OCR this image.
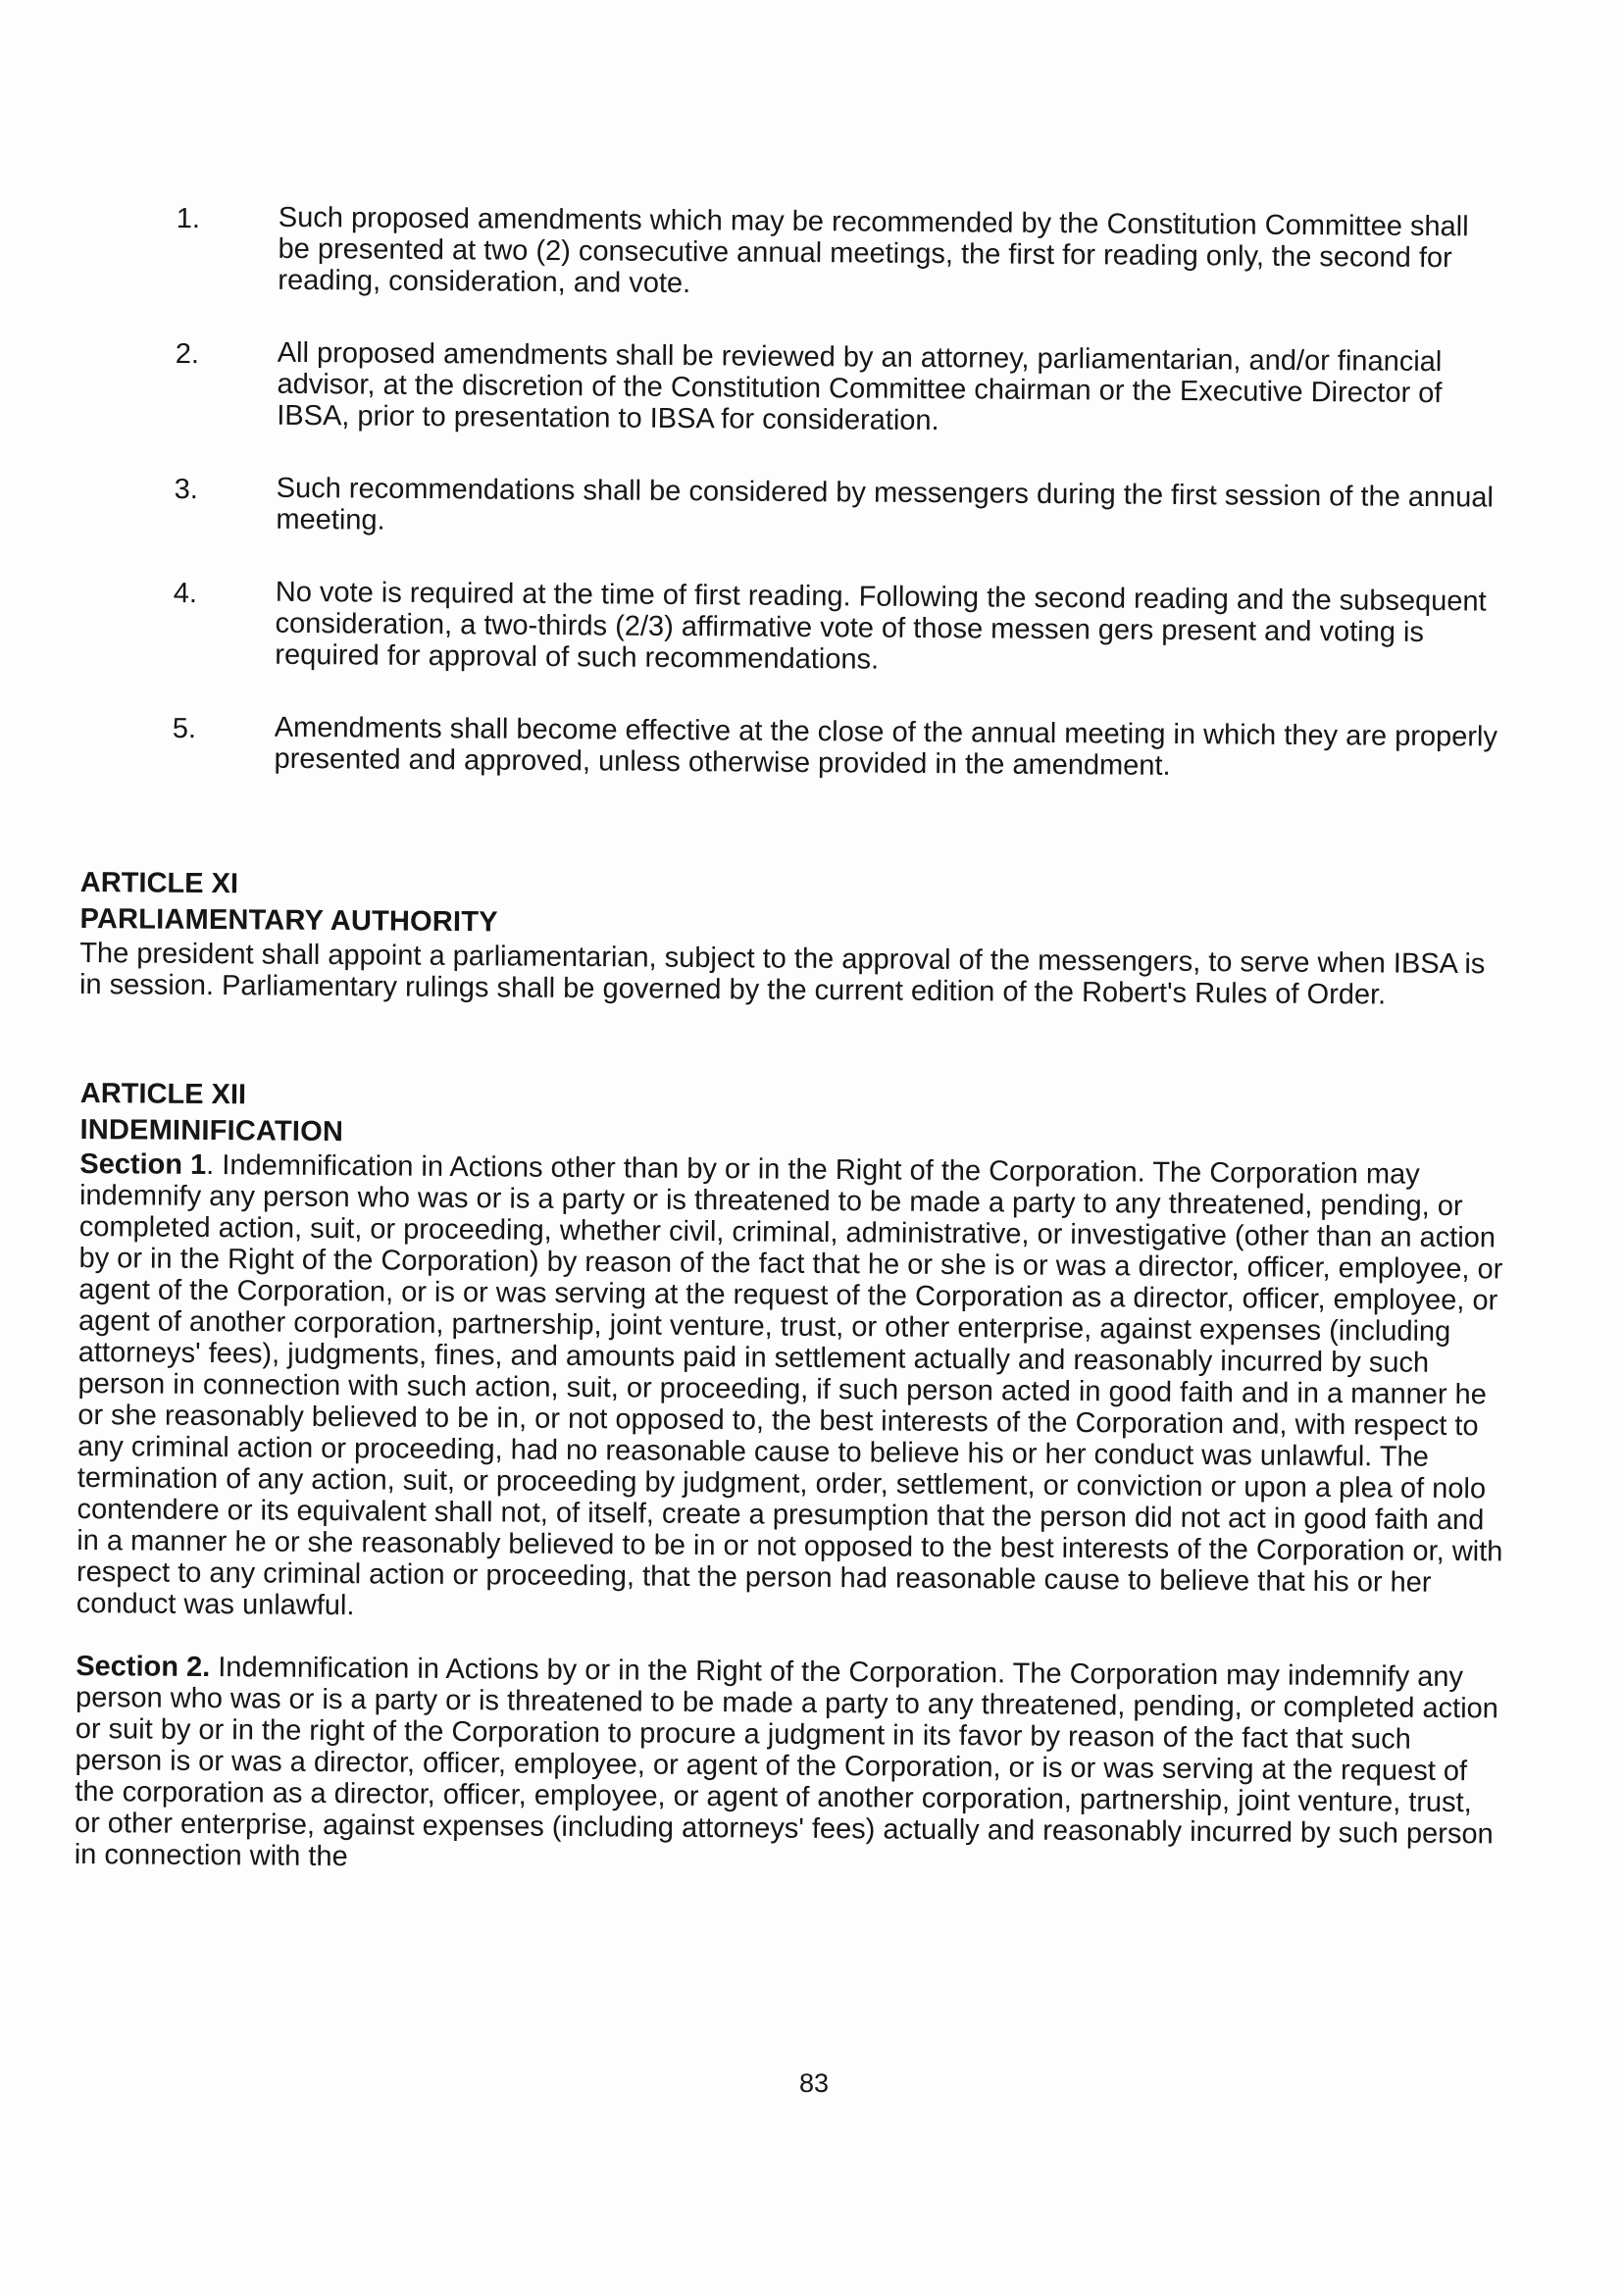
1.	Such proposed amendments which may be recommended by the Constitution Committee shall be presented at two (2) consecutive annual meetings, the first for reading only, the second for reading, consideration, and vote.
2.	All proposed amendments shall be reviewed by an attorney, parliamentarian, and/or financial advisor, at the discretion of the Constitution Committee chairman or the Executive Director of IBSA, prior to presentation to IBSA for consideration.
3.	Such recommendations shall be considered by messengers during the first session of the annual meeting.
4.	No vote is required at the time of first reading. Following the second reading and the subsequent consideration, a two-thirds (2/3) affirmative vote of those messen gers present and voting is required for approval of such recommendations.
5.	Amendments shall become effective at the close of the annual meeting in which they are properly presented and approved, unless otherwise provided in the amendment.
ARTICLE XI
PARLIAMENTARY AUTHORITY

The president shall appoint a parliamentarian, subject to the approval of the messengers, to serve when IBSA is in session. Parliamentary rulings shall be governed by the current edition of the Robert's Rules of Order.

ARTICLE XII
INDEMINIFICATION

Section 1. Indemnification in Actions other than by or in the Right of the Corporation. The Corporation may indemnify any person who was or is a party or is threatened to be made a party to any threatened, pending, or completed action, suit, or proceeding, whether civil, criminal, administrative, or investigative (other than an action by or in the Right of the Corporation) by reason of the fact that he or she is or was a director, officer, employee, or agent of the Corporation, or is or was serving at the request of the Corporation as a director, officer, employee, or agent of another corporation, partnership, joint venture, trust, or other enterprise, against expenses (including attorneys' fees), judgments, fines, and amounts paid in settlement actually and reasonably incurred by such person in connection with such action, suit, or proceeding, if such person acted in good faith and in a manner he or she reasonably believed to be in, or not opposed to, the best interests of the Corporation and, with respect to any criminal action or proceeding, had no reasonable cause to believe his or her conduct was unlawful. The termination of any action, suit, or proceeding by judgment, order, settlement, or conviction or upon a plea of nolo contendere or its equivalent shall not, of itself, create a presumption that the person did not act in good faith and in a manner he or she reasonably believed to be in or not opposed to the best interests of the Corporation or, with respect to any criminal action or proceeding, that the person had reasonable cause to believe that his or her conduct was unlawful.

Section 2. Indemnification in Actions by or in the Right of the Corporation. The Corporation may indemnify any person who was or is a party or is threatened to be made a party to any threatened, pending, or completed action or suit by or in the right of the Corporation to procure a judgment in its favor by reason of the fact that such person is or was a director, officer, employee, or agent of the Corporation, or is or was serving at the request of the corporation as a director, officer, employee, or agent of another corporation, partnership, joint venture, trust, or other enterprise, against expenses (including attorneys' fees) actually and reasonably incurred by such person in connection with the

83
